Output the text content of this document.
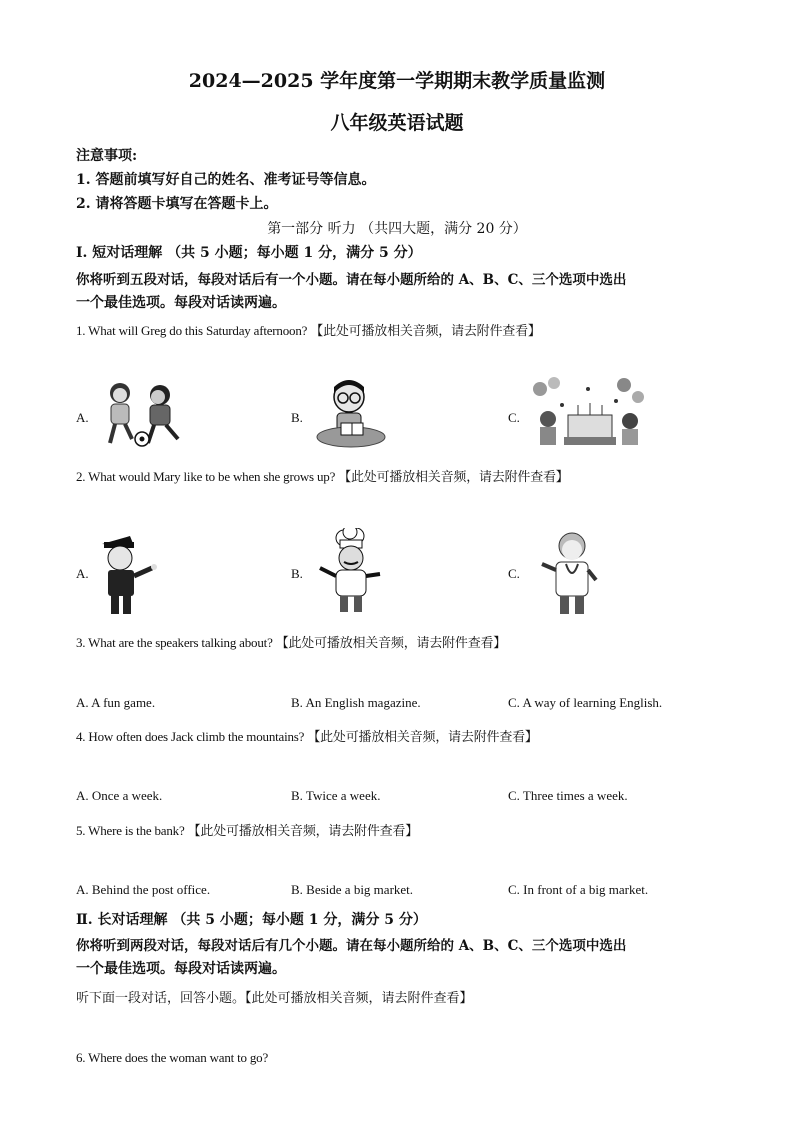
2024—2025 学年度第一学期期末教学质量监测
八年级英语试题
注意事项:
1. 答题前填写好自己的姓名、准考证号等信息。
2. 请将答题卡填写在答题卡上。
第一部分 听力 （共四大题，满分 20 分）
Ⅰ. 短对话理解 （共 5 小题；每小题 1 分，满分 5 分）
你将听到五段对话，每段对话后有一个小题。请在每小题所给的 A、B、C、三个选项中选出
一个最佳选项。每段对话读两遍。
1. What will Greg do this Saturday afternoon? 【此处可播放相关音频，请去附件查看】
A.	B.	C.
2. What would Mary like to be when she grows up? 【此处可播放相关音频，请去附件查看】
A.	B.	C.
3. What are the speakers talking about? 【此处可播放相关音频，请去附件查看】
A. A fun game.	B. An English magazine.	C. A way of learning English.
4. How often does Jack climb the mountains? 【此处可播放相关音频，请去附件查看】
A. Once a week.	B. Twice a week.	C. Three times a week.
5. Where is the bank? 【此处可播放相关音频，请去附件查看】
A. Behind the post office.	B. Beside a big market.	C. In front of a big market.
Ⅱ. 长对话理解 （共 5 小题；每小题 1 分，满分 5 分）
你将听到两段对话，每段对话后有几个小题。请在每小题所给的 A、B、C、三个选项中选出
一个最佳选项。每段对话读两遍。
听下面一段对话，回答小题。【此处可播放相关音频，请去附件查看】
6. Where does the woman want to go?
